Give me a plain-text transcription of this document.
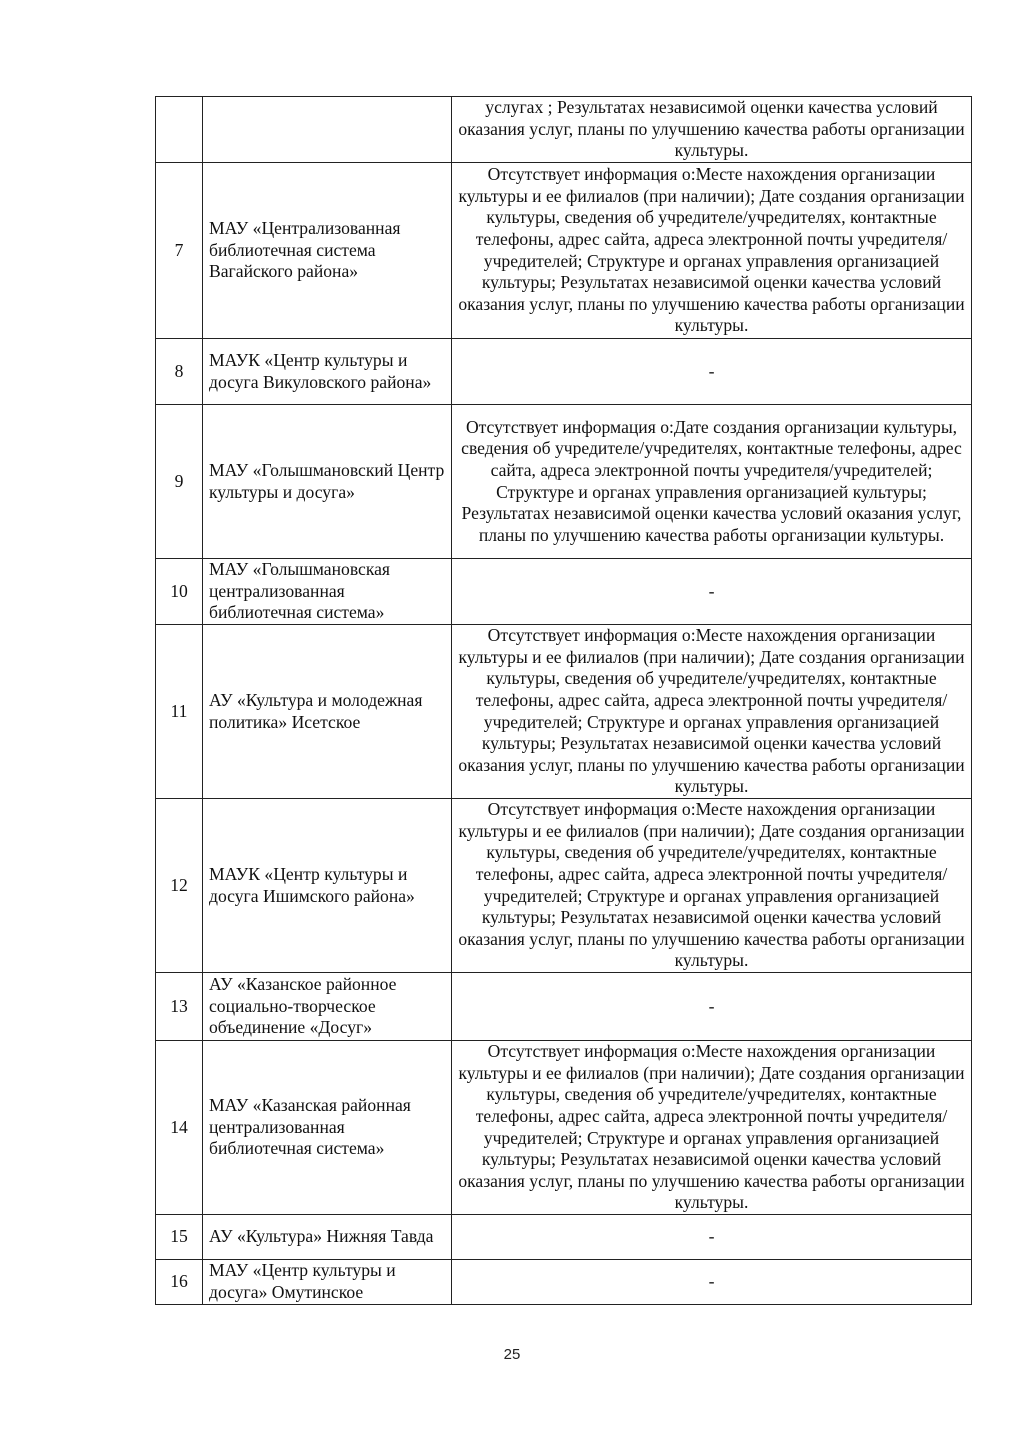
		услугах ; Результатах независимой оценки качества условий оказания услуг, планы по улучшению качества работы организации культуры.
7	МАУ «Централизованная библиотечная система Вагайского района»	Отсутствует информация о:Месте нахождения организации культуры и ее филиалов (при наличии); Дате создания организации культуры, сведения об учредителе/учредителях, контактные телефоны, адрес сайта, адреса электронной почты учредителя/учредителей; Структуре и органах управления организацией культуры; Результатах независимой оценки качества условий оказания услуг, планы по улучшению качества работы организации культуры.
8	МАУК «Центр культуры и досуга Викуловского района»	-
9	МАУ «Голышмановский Центр культуры и досуга»	Отсутствует информация о:Дате создания организации культуры, сведения об учредителе/учредителях, контактные телефоны, адрес сайта, адреса электронной почты учредителя/учредителей; Структуре и органах управления организацией культуры; Результатах независимой оценки качества условий оказания услуг, планы по улучшению качества работы организации культуры.
10	МАУ «Голышмановская централизованная библиотечная система»	-
11	АУ «Культура и молодежная политика» Исетское	Отсутствует информация о:Месте нахождения организации культуры и ее филиалов (при наличии); Дате создания организации культуры, сведения об учредителе/учредителях, контактные телефоны, адрес сайта, адреса электронной почты учредителя/учредителей; Структуре и органах управления организацией культуры; Результатах независимой оценки качества условий оказания услуг, планы по улучшению качества работы организации культуры.
12	МАУК «Центр культуры и досуга Ишимского района»	Отсутствует информация о:Месте нахождения организации культуры и ее филиалов (при наличии); Дате создания организации культуры, сведения об учредителе/учредителях, контактные телефоны, адрес сайта, адреса электронной почты учредителя/учредителей; Структуре и органах управления организацией культуры; Результатах независимой оценки качества условий оказания услуг, планы по улучшению качества работы организации культуры.
13	АУ «Казанское районное социально-творческое объединение «Досуг»	-
14	МАУ «Казанская районная централизованная библиотечная система»	Отсутствует информация о:Месте нахождения организации культуры и ее филиалов (при наличии); Дате создания организации культуры, сведения об учредителе/учредителях, контактные телефоны, адрес сайта, адреса электронной почты учредителя/учредителей; Структуре и органах управления организацией культуры; Результатах независимой оценки качества условий оказания услуг, планы по улучшению качества работы организации культуры.
15	АУ «Культура» Нижняя Тавда	-
16	МАУ «Центр культуры и досуга» Омутинское	-
25
